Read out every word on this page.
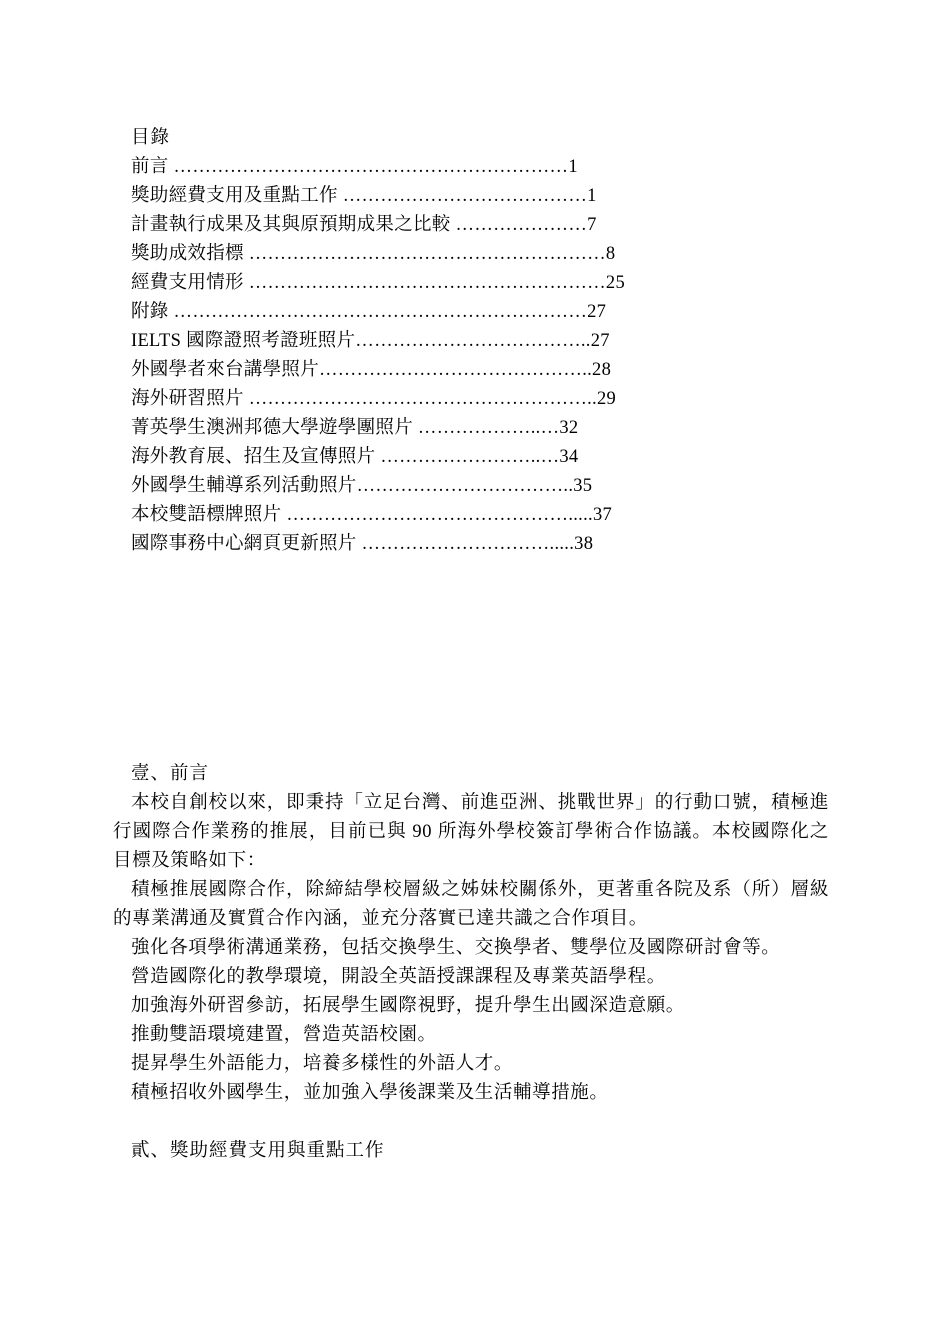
目錄
前言 ………………………………………………………1
獎助經費支用及重點工作 …………………………………1
計畫執行成果及其與原預期成果之比較 …………………7
獎助成效指標 …………………………………………………8
經費支用情形 …………………………………………………25
附錄 …………………………………………………………27
IELTS 國際證照考證班照片………………………………..27
外國學者來台講學照片……………………………………..28
海外研習照片 ………………………………………………..29
菁英學生澳洲邦德大學遊學團照片 ………………..…32
海外教育展、招生及宣傳照片 ……………………..…34
外國學生輔導系列活動照片……………………………..35
本校雙語標牌照片 ……………………………………….....37
國際事務中心網頁更新照片 ………………………….....38
壹、前言
本校自創校以來，即秉持「立足台灣、前進亞洲、挑戰世界」的行動口號，積極進行國際合作業務的推展，目前已與 90 所海外學校簽訂學術合作協議。本校國際化之目標及策略如下：
積極推展國際合作，除締結學校層級之姊妹校關係外，更著重各院及系（所）層級的專業溝通及實質合作內涵，並充分落實已達共識之合作項目。
強化各項學術溝通業務，包括交換學生、交換學者、雙學位及國際研討會等。
營造國際化的教學環境，開設全英語授課課程及專業英語學程。
加強海外研習參訪，拓展學生國際視野，提升學生出國深造意願。
推動雙語環境建置，營造英語校園。
提昇學生外語能力，培養多樣性的外語人才。
積極招收外國學生，並加強入學後課業及生活輔導措施。
貳、獎助經費支用與重點工作
